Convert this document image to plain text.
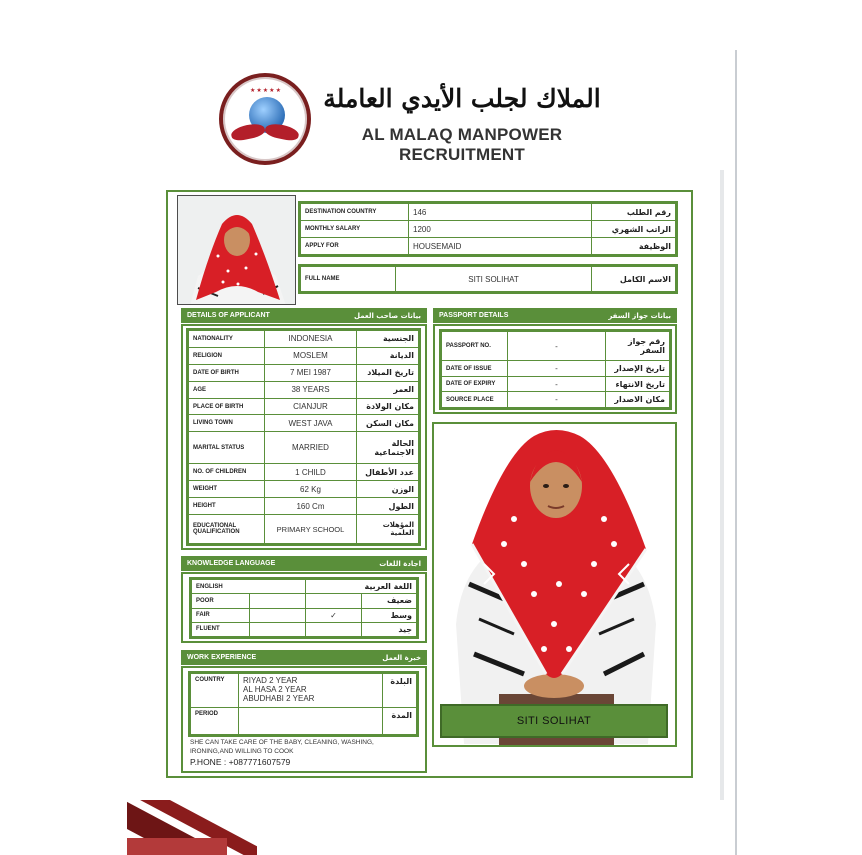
★★★★★	الملاك لجلب الأيدي العاملة
AL MALAQ MANPOWER RECRUITMENT
DESTINATION COUNTRY	146	رقم الطلب
MONTHLY SALARY	1200	الراتب الشهري
APPLY FOR	HOUSEMAID	الوظيفة
FULL NAME	SITI SOLIHAT	الاسم الكامل
DETAILS OF APPLICANT	بيانات صاحب العمل
NATIONALITY	INDONESIA	الجنسية
RELIGION	MOSLEM	الديانة
DATE OF BIRTH	7 MEI 1987	تاريخ الميلاد
AGE	38 YEARS	العمر
PLACE OF BIRTH	CIANJUR	مكان الولادة
LIVING TOWN	WEST JAVA	مكان السكن
MARITAL STATUS	MARRIED	الحالة الاجتماعية
NO. OF CHILDREN	1 CHILD	عدد الأطفال
WEIGHT	62 Kg	الوزن
HEIGHT	160 Cm	الطول
EDUCATIONAL QUALIFICATION	PRIMARY SCHOOL	المؤهلات العلمية
PASSPORT DETAILS	بيانات جواز السفر
PASSPORT NO.	-	رقم جواز السفر
DATE OF ISSUE	-	تاريخ الإصدار
DATE OF EXPIRY	-	تاريخ الانتهاء
SOURCE PLACE	-	مكان الاصدار
SITI SOLIHAT
KNOWLEDGE LANGUAGE	اجادة اللغات
ENGLISH		اللغة العربية	
POOR			ضعيف
FAIR		✓	وسط
FLUENT			جيد
WORK EXPERIENCE	خبرة العمل
COUNTRY	RIYAD 2 YEAR
AL HASA 2 YEAR
ABUDHABI 2 YEAR	البلدة
PERIOD		المدة
SHE CAN TAKE CARE OF THE BABY, CLEANING, WASHING, IRONING,AND WILLING TO COOK
P.HONE : +087771607579
